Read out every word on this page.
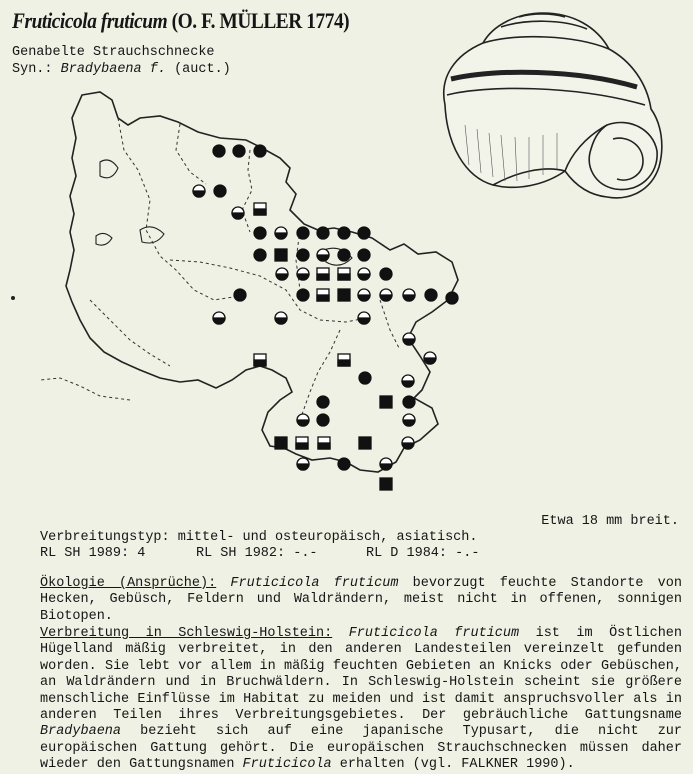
Fruticicola fruticum (O. F. MÜLLER 1774)
Genabelte Strauchschnecke
Syn.: Bradybaena f. (auct.)
Etwa 18 mm breit.
Verbreitungstyp: mittel- und osteuropäisch, asiatisch.
RL SH 1989: 4	RL SH 1982: -.-	RL D 1984: -.-
Ökologie (Ansprüche): Fruticicola fruticum bevorzugt feuchte Standorte von Hecken, Gebüsch, Feldern und Waldrändern, meist nicht in offenen, sonnigen Biotopen.
Verbreitung in Schleswig-Holstein: Fruticicola fruticum ist im Östlichen Hügelland mäßig verbreitet, in den anderen Landesteilen vereinzelt gefunden worden. Sie lebt vor allem in mäßig feuchten Gebieten an Knicks oder Gebüschen, an Waldrändern und in Bruchwäldern. In Schleswig-Holstein scheint sie größere menschliche Einflüsse im Habitat zu meiden und ist damit anspruchsvoller als in anderen Teilen ihres Verbreitungsgebietes. Der gebräuchliche Gattungsname Bradybaena bezieht sich auf eine japanische Typusart, die nicht zur europäischen Gattung gehört. Die europäischen Strauchschnecken müssen daher wieder den Gattungsnamen Fruticicola erhalten (vgl. FALKNER 1990).
